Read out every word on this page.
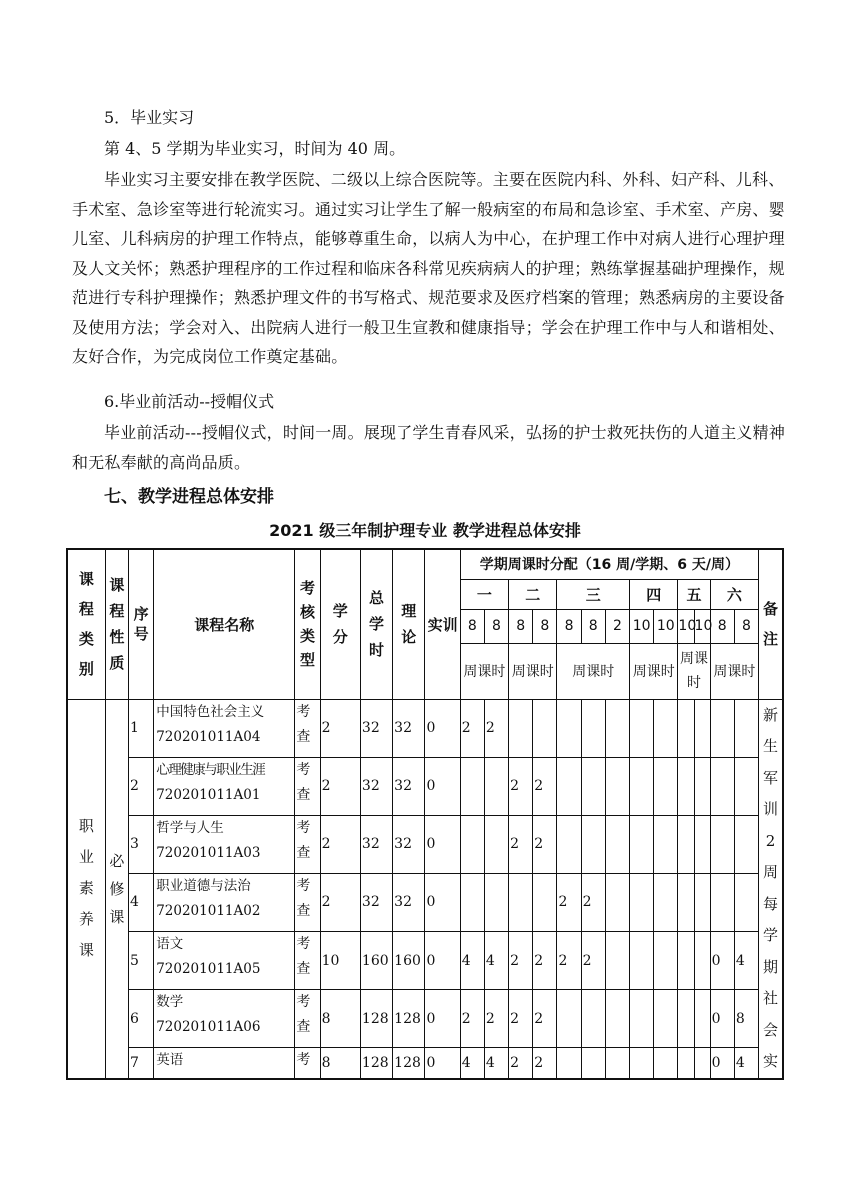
5．毕业实习

第 4、5 学期为毕业实习，时间为 40 周。

毕业实习主要安排在教学医院、二级以上综合医院等。主要在医院内科、外科、妇产科、儿科、手术室、急诊室等进行轮流实习。通过实习让学生了解一般病室的布局和急诊室、手术室、产房、婴儿室、儿科病房的护理工作特点，能够尊重生命，以病人为中心，在护理工作中对病人进行心理护理及人文关怀；熟悉护理程序的工作过程和临床各科常见疾病病人的护理；熟练掌握基础护理操作，规范进行专科护理操作；熟悉护理文件的书写格式、规范要求及医疗档案的管理；熟悉病房的主要设备及使用方法；学会对入、出院病人进行一般卫生宣教和健康指导；学会在护理工作中与人和谐相处、友好合作，为完成岗位工作奠定基础。

6.毕业前活动--授帽仪式

毕业前活动---授帽仪式，时间一周。展现了学生青春风采，弘扬的护士救死扶伤的人道主义精神和无私奉献的高尚品质。

七、教学进程总体安排
2021 级三年制护理专业 教学进程总体安排
课程类别	课程性质	序号	课程名称	考核类型	学分	总学时	理论	实训	学期周课时分配（16 周/学期、6 天/周）													备注

									一		二		三			四		五		六		
									8	8	8	8	8	8	2	10	10	10	10	8	8	
									周课时		周课时		周课时			周课时		周课时		周课时		

职业素养课	必修课	1	中国特色社会主义
720201011A04	考查	2	32	32	0	2	2												新生军训2周每学期社会实

		2	心理健康与职业生涯
720201011A01	考查	2	32	32	0			2	2										
		3	哲学与人生
720201011A03	考查	2	32	32	0			2	2										
		4	职业道德与法治
720201011A02	考查	2	32	32	0					2	2								
		5	语文
720201011A05	考查	10	160	160	0	4	4	2	2	2	2						0	4	
		6	数学
720201011A06	考查	8	128	128	0	2	2	2	2								0	8	
		7	英语	考	8	128	128	0	4	4	2	2								0	4	
